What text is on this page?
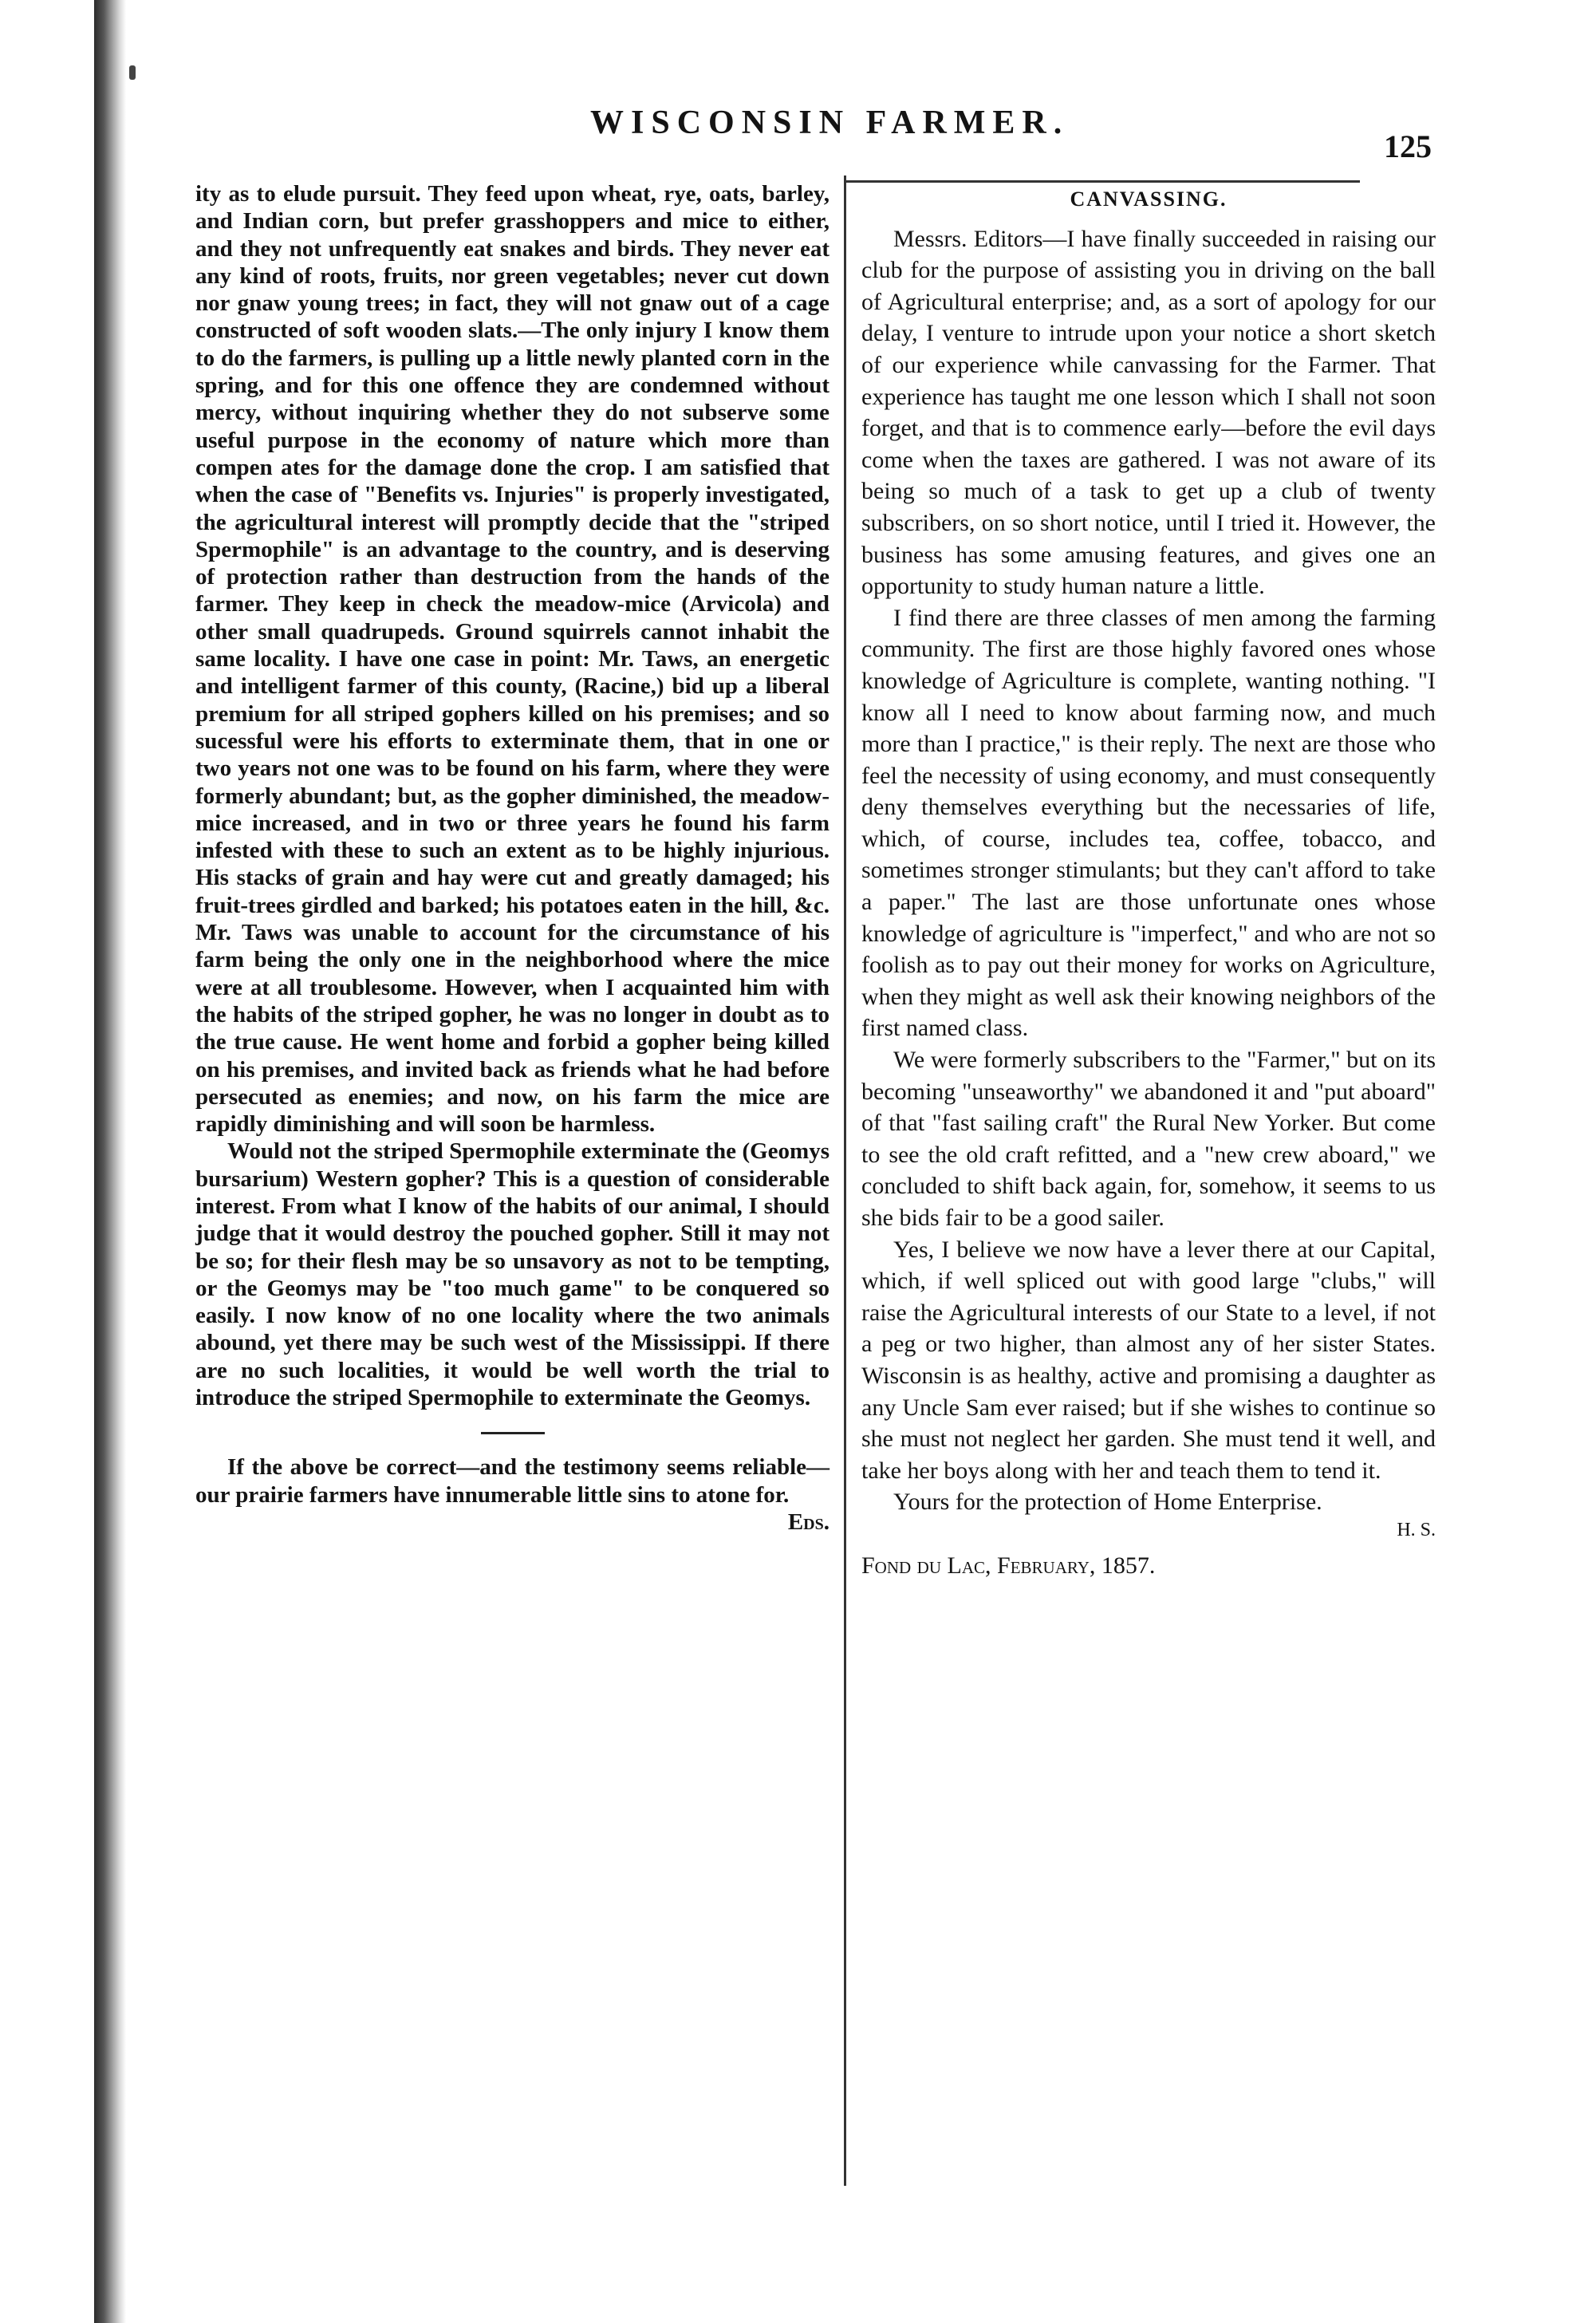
WISCONSIN FARMER.
125

ity as to elude pursuit. They feed upon wheat, rye, oats, barley, and Indian corn, but prefer grasshoppers and mice to either, and they not unfrequently eat snakes and birds. They never eat any kind of roots, fruits, nor green vegetables; never cut down nor gnaw young trees; in fact, they will not gnaw out of a cage constructed of soft wooden slats.—The only injury I know them to do the farmers, is pulling up a little newly planted corn in the spring, and for this one offence they are condemned without mercy, without inquiring whether they do not subserve some useful purpose in the economy of nature which more than compen ates for the damage done the crop. I am satisfied that when the case of "Benefits vs. Injuries" is properly investigated, the agricultural interest will promptly decide that the "striped Spermophile" is an advantage to the country, and is deserving of protection rather than destruction from the hands of the farmer. They keep in check the meadow-mice (Arvicola) and other small quadrupeds. Ground squirrels cannot inhabit the same locality. I have one case in point: Mr. Taws, an energetic and intelligent farmer of this county, (Racine,) bid up a liberal premium for all striped gophers killed on his premises; and so sucessful were his efforts to exterminate them, that in one or two years not one was to be found on his farm, where they were formerly abundant; but, as the gopher diminished, the meadow-mice increased, and in two or three years he found his farm infested with these to such an extent as to be highly injurious. His stacks of grain and hay were cut and greatly damaged; his fruit-trees girdled and barked; his potatoes eaten in the hill, &c. Mr. Taws was unable to account for the circumstance of his farm being the only one in the neighborhood where the mice were at all troublesome. However, when I acquainted him with the habits of the striped gopher, he was no longer in doubt as to the true cause. He went home and forbid a gopher being killed on his premises, and invited back as friends what he had before persecuted as enemies; and now, on his farm the mice are rapidly diminishing and will soon be harmless.

Would not the striped Spermophile exterminate the (Geomys bursarium) Western gopher? This is a question of considerable interest. From what I know of the habits of our animal, I should judge that it would destroy the pouched gopher. Still it may not be so; for their flesh may be so unsavory as not to be tempting, or the Geomys may be "too much game" to be conquered so easily. I now know of no one locality where the two animals abound, yet there may be such west of the Mississippi. If there are no such localities, it would be well worth the trial to introduce the striped Spermophile to exterminate the Geomys.

If the above be correct—and the testimony seems reliable—our prairie farmers have innumerable little sins to atone for.
Eds.

CANVASSING.

Messrs. Editors—I have finally succeeded in raising our club for the purpose of assisting you in driving on the ball of Agricultural enterprise; and, as a sort of apology for our delay, I venture to intrude upon your notice a short sketch of our experience while canvassing for the Farmer. That experience has taught me one lesson which I shall not soon forget, and that is to commence early—before the evil days come when the taxes are gathered. I was not aware of its being so much of a task to get up a club of twenty subscribers, on so short notice, until I tried it. However, the business has some amusing features, and gives one an opportunity to study human nature a little.

I find there are three classes of men among the farming community. The first are those highly favored ones whose knowledge of Agriculture is complete, wanting nothing. "I know all I need to know about farming now, and much more than I practice," is their reply. The next are those who feel the necessity of using economy, and must consequently deny themselves everything but the necessaries of life, which, of course, includes tea, coffee, tobacco, and sometimes stronger stimulants; but they can't afford to take a paper." The last are those unfortunate ones whose knowledge of agriculture is "imperfect," and who are not so foolish as to pay out their money for works on Agriculture, when they might as well ask their knowing neighbors of the first named class.

We were formerly subscribers to the "Farmer," but on its becoming "unseaworthy" we abandoned it and "put aboard" of that "fast sailing craft" the Rural New Yorker. But come to see the old craft refitted, and a "new crew aboard," we concluded to shift back again, for, somehow, it seems to us she bids fair to be a good sailer.

Yes, I believe we now have a lever there at our Capital, which, if well spliced out with good large "clubs," will raise the Agricultural interests of our State to a level, if not a peg or two higher, than almost any of her sister States. Wisconsin is as healthy, active and promising a daughter as any Uncle Sam ever raised; but if she wishes to continue so she must not neglect her garden. She must tend it well, and take her boys along with her and teach them to tend it.

Yours for the protection of Home Enterprise.

H. S.

Fond du Lac, February, 1857.
